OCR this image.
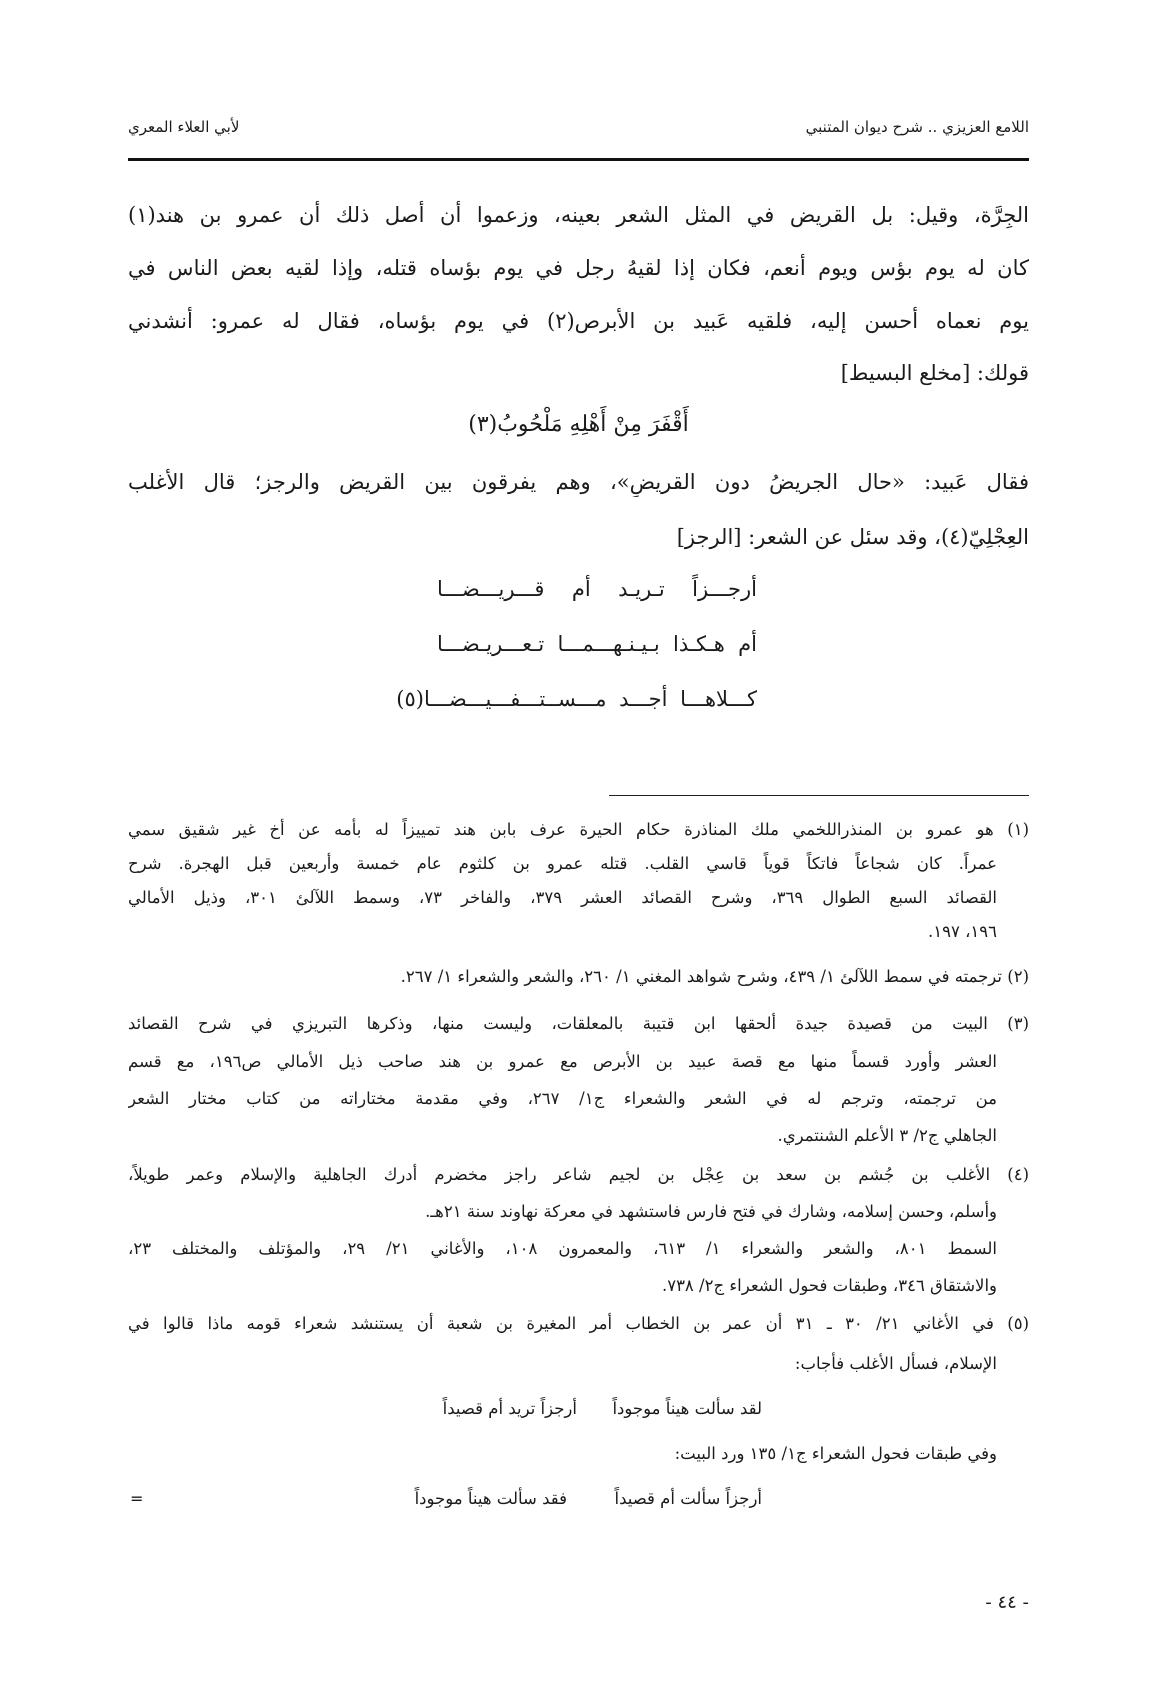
اللامع العزيزي .. شرح ديوان المتنبي
لأبي العلاء المعري
الجِرَّة، وقيل: بل القريض في المثل الشعر بعينه، وزعموا أن أصل ذلك أن عمرو بن هند(١)
كان له يوم بؤس ويوم أنعم، فكان إذا لقيهُ رجل في يوم بؤساه قتله، وإذا لقيه بعض الناس في
يوم نعماه أحسن إليه، فلقيه عَبيد بن الأبرص(٢) في يوم بؤساه، فقال له عمرو: أنشدني
قولك: [مخلع البسيط]
أَقْفَرَ مِنْ أَهْلِهِ مَلْحُوبُ(٣)
فقال عَبيد: «حال الجريضُ دون القريضِ»، وهم يفرقون بين القريض والرجز؛ قال الأغلب
العِجْلِيّ(٤)، وقد سئل عن الشعر: [الرجز]
أرجـــزاً تـريـد أم قـــريـــضـــا
أم هـكـذا بـيـنـهـــمـــا تـعـــريـضـــا
كـــلاهـــا أجـــد مـــســتـــفـــيـــضـــا(٥)
(١) هو عمرو بن المنذراللخمي ملك المناذرة حكام الحيرة عرف بابن هند تمييزاً له بأمه عن أخ غير شقيق سمي
عمراً. كان شجاعاً فاتكاً قوياً قاسي القلب. قتله عمرو بن كلثوم عام خمسة وأربعين قبل الهجرة. شرح
القصائد السبع الطوال ٣٦٩، وشرح القصائد العشر ٣٧٩، والفاخر ٧٣، وسمط اللآلئ ٣٠١، وذيل الأمالي
١٩٦، ١٩٧.
(٢) ترجمته في سمط اللآلئ ١/ ٤٣٩، وشرح شواهد المغني ١/ ٢٦٠، والشعر والشعراء ١/ ٢٦٧.
(٣) البيت من قصيدة جيدة ألحقها ابن قتيبة بالمعلقات، وليست منها، وذكرها التبريزي في شرح القصائد
العشر وأورد قسماً منها مع قصة عبيد بن الأبرص مع عمرو بن هند صاحب ذيل الأمالي ص١٩٦، مع قسم
من ترجمته، وترجم له في الشعر والشعراء ج١/ ٢٦٧، وفي مقدمة مختاراته من كتاب مختار الشعر
الجاهلي ج٢/ ٣ الأعلم الشنتمري.
(٤) الأغلب بن جُشم بن سعد بن عِجْل بن لجيم شاعر راجز مخضرم أدرك الجاهلية والإسلام وعمر طويلاً،
وأسلم، وحسن إسلامه، وشارك في فتح فارس فاستشهد في معركة نهاوند سنة ٢١هـ.
السمط ٨٠١، والشعر والشعراء ١/ ٦١٣، والمعمرون ١٠٨، والأغاني ٢١/ ٢٩، والمؤتلف والمختلف ٢٣،
والاشتقاق ٣٤٦، وطبقات فحول الشعراء ج٢/ ٧٣٨.
(٥) في الأغاني ٢١/ ٣٠ ـ ٣١ أن عمر بن الخطاب أمر المغيرة بن شعبة أن يستنشد شعراء قومه ماذا قالوا في
الإسلام، فسأل الأغلب فأجاب:
لقد سألت هيناً موجوداً
أرجزاً تريد أم قصيداً
وفي طبقات فحول الشعراء ج١/ ١٣٥ ورد البيت:
أرجزاً سألت أم قصيداً
فقد سألت هيناً موجوداً
=
- ٤٤ -
